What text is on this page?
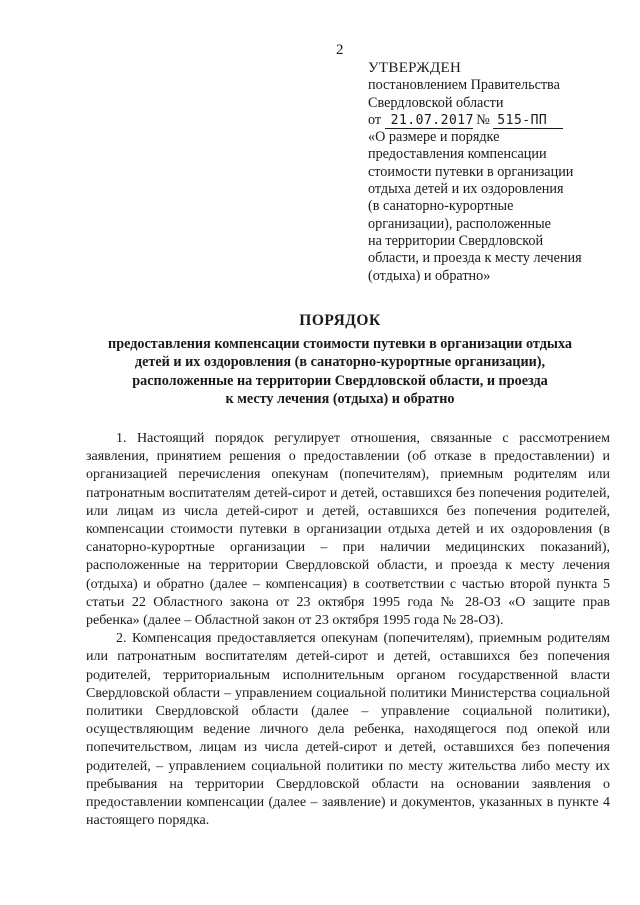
2
УТВЕРЖДЕН
постановлением Правительства
Свердловской области
от 21.07.2017 № 515-ПП
«О размере и порядке
предоставления компенсации
стоимости путевки в организации
отдыха детей и их оздоровления
(в санаторно-курортные
организации), расположенные
на территории Свердловской
области, и проезда к месту лечения
(отдыха) и обратно»
ПОРЯДОК
предоставления компенсации стоимости путевки в организации отдыха
детей и их оздоровления (в санаторно-курортные организации),
расположенные на территории Свердловской области, и проезда
к месту лечения (отдыха) и обратно

1. Настоящий порядок регулирует отношения, связанные с рассмотрением заявления, принятием решения о предоставлении (об отказе в предоставлении) и организацией перечисления опекунам (попечителям), приемным родителям или патронатным воспитателям детей-сирот и детей, оставшихся без попечения родителей, или лицам из числа детей-сирот и детей, оставшихся без попечения родителей, компенсации стоимости путевки в организации отдыха детей и их оздоровления (в санаторно-курортные организации – при наличии медицинских показаний), расположенные на территории Свердловской области, и проезда к месту лечения (отдыха) и обратно (далее – компенсация) в соответствии с частью второй пункта 5 статьи 22 Областного закона от 23 октября 1995 года № 28-ОЗ «О защите прав ребенка» (далее – Областной закон от 23 октября 1995 года № 28-ОЗ).

2. Компенсация предоставляется опекунам (попечителям), приемным родителям или патронатным воспитателям детей-сирот и детей, оставшихся без попечения родителей, территориальным исполнительным органом государственной власти Свердловской области – управлением социальной политики Министерства социальной политики Свердловской области (далее – управление социальной политики), осуществляющим ведение личного дела ребенка, находящегося под опекой или попечительством, лицам из числа детей-сирот и детей, оставшихся без попечения родителей, – управлением социальной политики по месту жительства либо месту их пребывания на территории Свердловской области на основании заявления о предоставлении компенсации (далее – заявление) и документов, указанных в пункте 4 настоящего порядка.
